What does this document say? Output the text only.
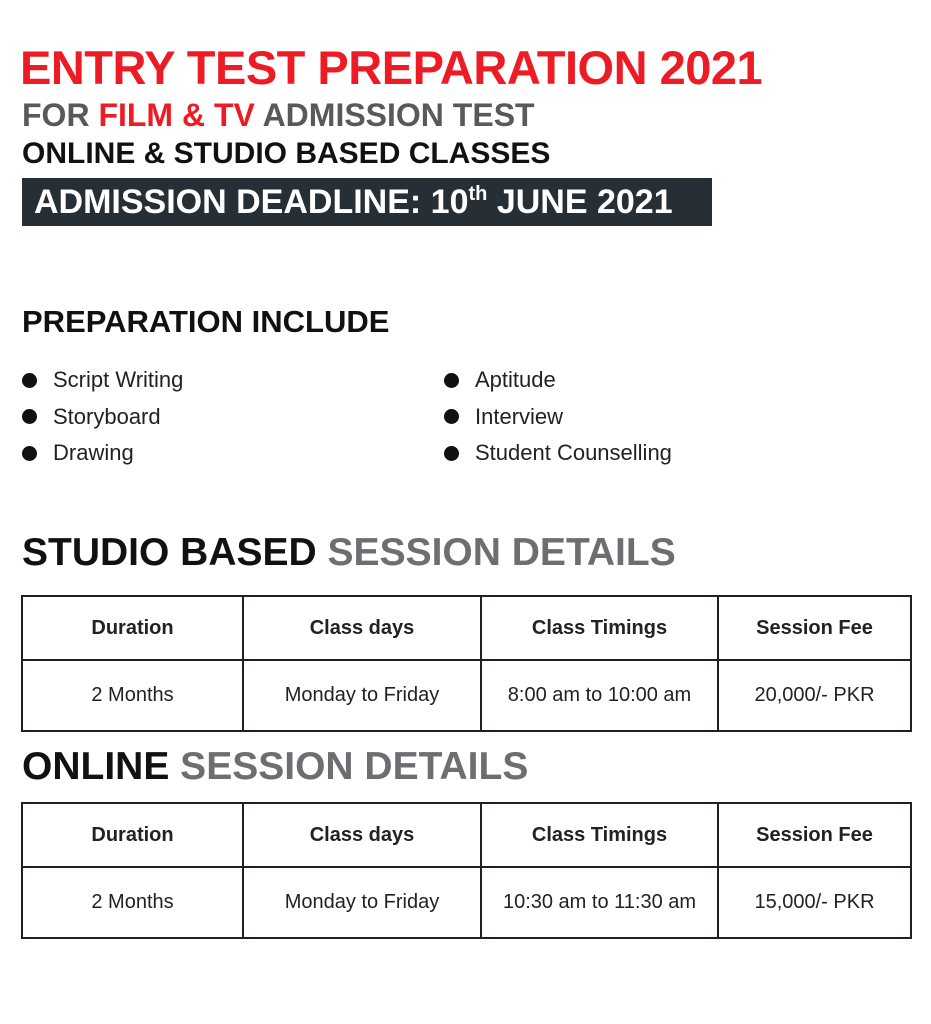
ENTRY TEST PREPARATION 2021
FOR FILM & TV ADMISSION TEST
ONLINE & STUDIO BASED CLASSES
ADMISSION DEADLINE: 10th JUNE 2021
PREPARATION INCLUDE
Script Writing
Storyboard
Drawing
Aptitude
Interview
Student Counselling
STUDIO BASED SESSION DETAILS
Duration	Class days	Class Timings	Session Fee
2 Months	Monday to Friday	8:00 am to 10:00 am	20,000/- PKR
ONLINE SESSION DETAILS
Duration	Class days	Class Timings	Session Fee
2 Months	Monday to Friday	10:30 am to 11:30 am	15,000/- PKR
